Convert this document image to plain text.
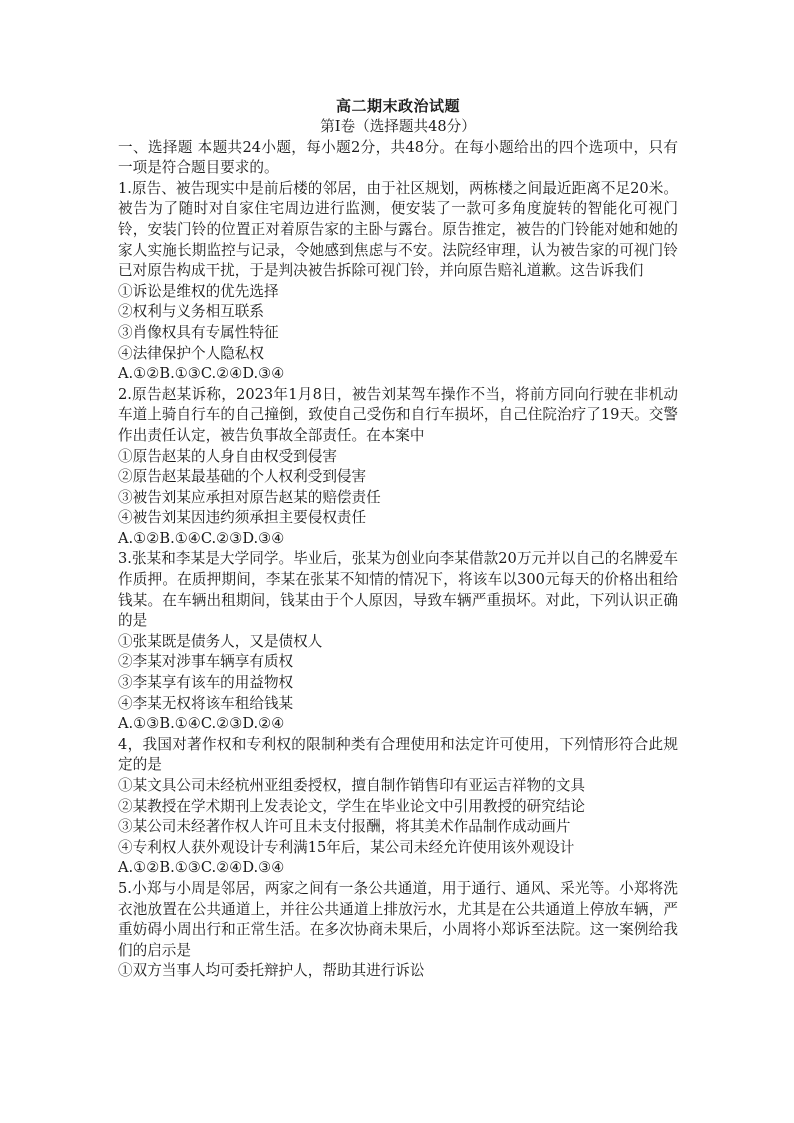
高二期末政治试题
第Ⅰ卷（选择题共48分）
一、选择题 本题共24小题，每小题2分，共48分。在每小题给出的四个选项中，只有一项是符合题目要求的。
1.原告、被告现实中是前后楼的邻居，由于社区规划，两栋楼之间最近距离不足20米。被告为了随时对自家住宅周边进行监测，便安装了一款可多角度旋转的智能化可视门铃，安装门铃的位置正对着原告家的主卧与露台。原告推定，被告的门铃能对她和她的家人实施长期监控与记录，令她感到焦虑与不安。法院经审理，认为被告家的可视门铃已对原告构成干扰，于是判决被告拆除可视门铃，并向原告赔礼道歉。这告诉我们
①诉讼是维权的优先选择
②权利与义务相互联系
③肖像权具有专属性特征
④法律保护个人隐私权
A.①②B.①③C.②④D.③④
2.原告赵某诉称，2023年1月8日，被告刘某驾车操作不当，将前方同向行驶在非机动车道上骑自行车的自己撞倒，致使自己受伤和自行车损坏，自己住院治疗了19天。交警作出责任认定，被告负事故全部责任。在本案中
①原告赵某的人身自由权受到侵害
②原告赵某最基础的个人权利受到侵害
③被告刘某应承担对原告赵某的赔偿责任
④被告刘某因违约须承担主要侵权责任
A.①②B.①④C.②③D.③④
3.张某和李某是大学同学。毕业后，张某为创业向李某借款20万元并以自己的名牌爱车作质押。在质押期间，李某在张某不知情的情况下，将该车以300元每天的价格出租给钱某。在车辆出租期间，钱某由于个人原因，导致车辆严重损坏。对此，下列认识正确的是
①张某既是债务人，又是债权人
②李某对涉事车辆享有质权
③李某享有该车的用益物权
④李某无权将该车租给钱某
A.①③B.①④C.②③D.②④
4，我国对著作权和专利权的限制种类有合理使用和法定许可使用，下列情形符合此规定的是
①某文具公司未经杭州亚组委授权，擅自制作销售印有亚运吉祥物的文具
②某教授在学术期刊上发表论文，学生在毕业论文中引用教授的研究结论
③某公司未经著作权人许可且未支付报酬，将其美术作品制作成动画片
④专利权人获外观设计专利满15年后，某公司未经允许使用该外观设计
A.①②B.①③C.②④D.③④
5.小郑与小周是邻居，两家之间有一条公共通道，用于通行、通风、采光等。小郑将洗衣池放置在公共通道上，并往公共通道上排放污水，尤其是在公共通道上停放车辆，严重妨碍小周出行和正常生活。在多次协商未果后，小周将小郑诉至法院。这一案例给我们的启示是
①双方当事人均可委托辩护人，帮助其进行诉讼
